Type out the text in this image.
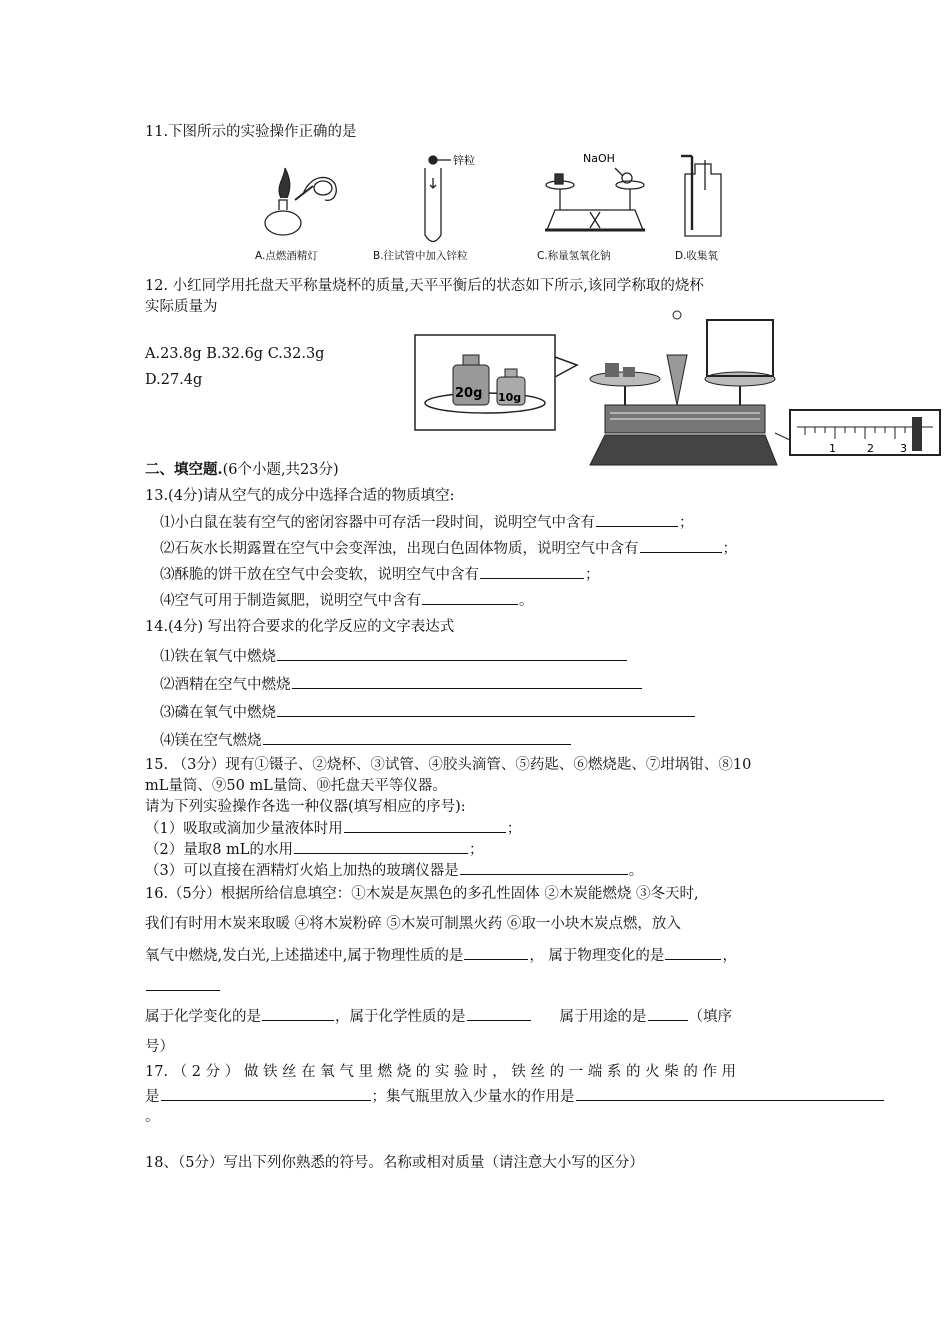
11.下图所示的实验操作正确的是
锌粒	NaOH
A.点燃酒精灯	B.往试管中加入锌粒	C.称量氢氧化钠	D.收集氧
12. 小红同学用托盘天平称量烧杯的质量,天平平衡后的状态如下所示,该同学称取的烧杯
实际质量为
A.23.8g B.32.6g C.32.3g
D.27.4g
20g 10g
1	2 3
二、填空题.(6个小题,共23分)
13.(4分)请从空气的成分中选择合适的物质填空:
⑴小白鼠在装有空气的密闭容器中可存活一段时间，说明空气中含有	；
⑵石灰水长期露置在空气中会变浑浊，出现白色固体物质，说明空气中含有	；
⑶酥脆的饼干放在空气中会变软，说明空气中含有	；
⑷空气可用于制造氮肥，说明空气中含有	。
14.(4分) 写出符合要求的化学反应的文字表达式
⑴铁在氧气中燃烧
⑵酒精在空气中燃烧
⑶磷在氧气中燃烧
⑷镁在空气燃烧
15. （3分）现有①镊子、②烧杯、③试管、④胶头滴管、⑤药匙、⑥燃烧匙、⑦坩埚钳、⑧10
mL量筒、⑨50 mL量筒、⑩托盘天平等仪器。
请为下列实验操作各选一种仪器(填写相应的序号):
（1）吸取或滴加少量液体时用	；
（2）量取8 mL的水用	；
（3）可以直接在酒精灯火焰上加热的玻璃仪器是	。
16.（5分）根据所给信息填空：①木炭是灰黑色的多孔性固体 ②木炭能燃烧 ③冬天时,
我们有时用木炭来取暖 ④将木炭粉碎 ⑤木炭可制黑火药 ⑥取一小块木炭点燃，放入
氧气中燃烧,发白光,上述描述中,属于物理性质的是	， 属于物理变化的是	，
属于化学变化的是	，属于化学性质的是	属于用途的是	（填序
号）
17. （ 2 分 ） 做 铁 丝 在 氧 气 里 燃 烧 的 实 验 时 ， 铁 丝 的 一 端 系 的 火 柴 的 作 用
是	；集气瓶里放入少量水的作用是
。
18、（5分）写出下列你熟悉的符号。名称或相对质量（请注意大小写的区分）
